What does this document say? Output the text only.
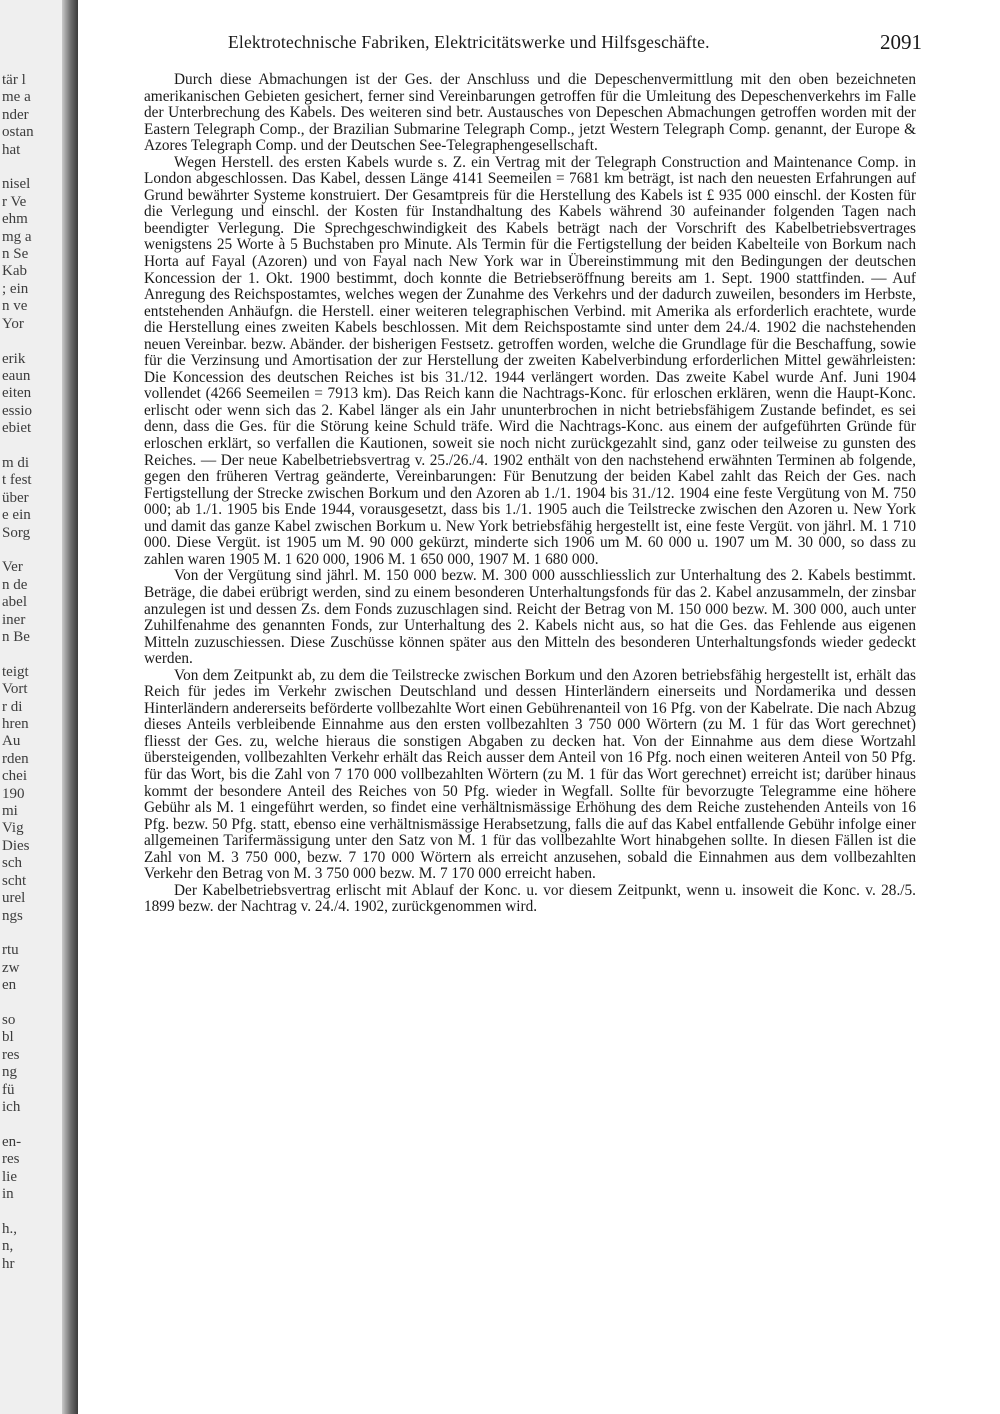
tär l
me a
nder
ostan
hat

nisel
r Ve
ehm
mg a
n Se
Kab
; ein
n ve
Yor

erik
eaun
eiten
essio
ebiet

m di
t fest
über
e ein
Sorg

Ver
n de
abel
iner
n Be

teigt
Vort
r di
hren
Au
rden
chei
190
mi
Vig
Dies
sch
scht
urel
ngs

rtu
zw
en

so
bl
res
ng
fü
ich

en-
res
lie
in

h.,
n,
hr
Elektrotechnische Fabriken, Elektricitätswerke und Hilfsgeschäfte.	2091

Durch diese Abmachungen ist der Ges. der Anschluss und die Depeschenvermittlung mit den oben bezeichneten amerikanischen Gebieten gesichert, ferner sind Vereinbarungen getroffen für die Umleitung des Depeschenverkehrs im Falle der Unterbrechung des Kabels. Des weiteren sind betr. Austausches von Depeschen Abmachungen getroffen worden mit der Eastern Telegraph Comp., der Brazilian Submarine Telegraph Comp., jetzt Western Telegraph Comp. genannt, der Europe & Azores Telegraph Comp. und der Deutschen See-Telegraphengesellschaft.

Wegen Herstell. des ersten Kabels wurde s. Z. ein Vertrag mit der Telegraph Construction and Maintenance Comp. in London abgeschlossen. Das Kabel, dessen Länge 4141 Seemeilen = 7681 km beträgt, ist nach den neuesten Erfahrungen auf Grund bewährter Systeme konstruiert. Der Gesamtpreis für die Herstellung des Kabels ist £ 935 000 einschl. der Kosten für die Verlegung und einschl. der Kosten für Instandhaltung des Kabels während 30 aufeinander folgenden Tagen nach beendigter Verlegung. Die Sprechgeschwindigkeit des Kabels beträgt nach der Vorschrift des Kabelbetriebsvertrages wenigstens 25 Worte à 5 Buchstaben pro Minute. Als Termin für die Fertigstellung der beiden Kabelteile von Borkum nach Horta auf Fayal (Azoren) und von Fayal nach New York war in Übereinstimmung mit den Bedingungen der deutschen Koncession der 1. Okt. 1900 bestimmt, doch konnte die Betriebseröffnung bereits am 1. Sept. 1900 stattfinden. — Auf Anregung des Reichspostamtes, welches wegen der Zunahme des Verkehrs und der dadurch zuweilen, besonders im Herbste, entstehenden Anhäufgn. die Herstell. einer weiteren telegraphischen Verbind. mit Amerika als erforderlich erachtete, wurde die Herstellung eines zweiten Kabels beschlossen. Mit dem Reichspostamte sind unter dem 24./4. 1902 die nachstehenden neuen Vereinbar. bezw. Abänder. der bisherigen Festsetz. getroffen worden, welche die Grundlage für die Beschaffung, sowie für die Verzinsung und Amortisation der zur Herstellung der zweiten Kabelverbindung erforderlichen Mittel gewährleisten: Die Koncession des deutschen Reiches ist bis 31./12. 1944 verlängert worden. Das zweite Kabel wurde Anf. Juni 1904 vollendet (4266 Seemeilen = 7913 km). Das Reich kann die Nachtrags-Konc. für erloschen erklären, wenn die Haupt-Konc. erlischt oder wenn sich das 2. Kabel länger als ein Jahr ununterbrochen in nicht betriebsfähigem Zustande befindet, es sei denn, dass die Ges. für die Störung keine Schuld träfe. Wird die Nachtrags-Konc. aus einem der aufgeführten Gründe für erloschen erklärt, so verfallen die Kautionen, soweit sie noch nicht zurückgezahlt sind, ganz oder teilweise zu gunsten des Reiches. — Der neue Kabelbetriebsvertrag v. 25./26./4. 1902 enthält von den nachstehend erwähnten Terminen ab folgende, gegen den früheren Vertrag geänderte, Vereinbarungen: Für Benutzung der beiden Kabel zahlt das Reich der Ges. nach Fertigstellung der Strecke zwischen Borkum und den Azoren ab 1./1. 1904 bis 31./12. 1904 eine feste Vergütung von M. 750 000; ab 1./1. 1905 bis Ende 1944, vorausgesetzt, dass bis 1./1. 1905 auch die Teilstrecke zwischen den Azoren u. New York und damit das ganze Kabel zwischen Borkum u. New York betriebsfähig hergestellt ist, eine feste Vergüt. von jährl. M. 1 710 000. Diese Vergüt. ist 1905 um M. 90 000 gekürzt, minderte sich 1906 um M. 60 000 u. 1907 um M. 30 000, so dass zu zahlen waren 1905 M. 1 620 000, 1906 M. 1 650 000, 1907 M. 1 680 000.

Von der Vergütung sind jährl. M. 150 000 bezw. M. 300 000 ausschliesslich zur Unterhaltung des 2. Kabels bestimmt. Beträge, die dabei erübrigt werden, sind zu einem besonderen Unterhaltungsfonds für das 2. Kabel anzusammeln, der zinsbar anzulegen ist und dessen Zs. dem Fonds zuzuschlagen sind. Reicht der Betrag von M. 150 000 bezw. M. 300 000, auch unter Zuhilfenahme des genannten Fonds, zur Unterhaltung des 2. Kabels nicht aus, so hat die Ges. das Fehlende aus eigenen Mitteln zuzuschiessen. Diese Zuschüsse können später aus den Mitteln des besonderen Unterhaltungsfonds wieder gedeckt werden.

Von dem Zeitpunkt ab, zu dem die Teilstrecke zwischen Borkum und den Azoren betriebsfähig hergestellt ist, erhält das Reich für jedes im Verkehr zwischen Deutschland und dessen Hinterländern einerseits und Nordamerika und dessen Hinterländern andererseits beförderte vollbezahlte Wort einen Gebührenanteil von 16 Pfg. von der Kabelrate. Die nach Abzug dieses Anteils verbleibende Einnahme aus den ersten vollbezahlten 3 750 000 Wörtern (zu M. 1 für das Wort gerechnet) fliesst der Ges. zu, welche hieraus die sonstigen Abgaben zu decken hat. Von der Einnahme aus dem diese Wortzahl übersteigenden, vollbezahlten Verkehr erhält das Reich ausser dem Anteil von 16 Pfg. noch einen weiteren Anteil von 50 Pfg. für das Wort, bis die Zahl von 7 170 000 vollbezahlten Wörtern (zu M. 1 für das Wort gerechnet) erreicht ist; darüber hinaus kommt der besondere Anteil des Reiches von 50 Pfg. wieder in Wegfall. Sollte für bevorzugte Telegramme eine höhere Gebühr als M. 1 eingeführt werden, so findet eine verhältnismässige Erhöhung des dem Reiche zustehenden Anteils von 16 Pfg. bezw. 50 Pfg. statt, ebenso eine verhältnismässige Herabsetzung, falls die auf das Kabel entfallende Gebühr infolge einer allgemeinen Tarifermässigung unter den Satz von M. 1 für das vollbezahlte Wort hinabgehen sollte. In diesen Fällen ist die Zahl von M. 3 750 000, bezw. 7 170 000 Wörtern als erreicht anzusehen, sobald die Einnahmen aus dem vollbezahlten Verkehr den Betrag von M. 3 750 000 bezw. M. 7 170 000 erreicht haben.

Der Kabelbetriebsvertrag erlischt mit Ablauf der Konc. u. vor diesem Zeitpunkt, wenn u. insoweit die Konc. v. 28./5. 1899 bezw. der Nachtrag v. 24./4. 1902, zurückgenommen wird.
